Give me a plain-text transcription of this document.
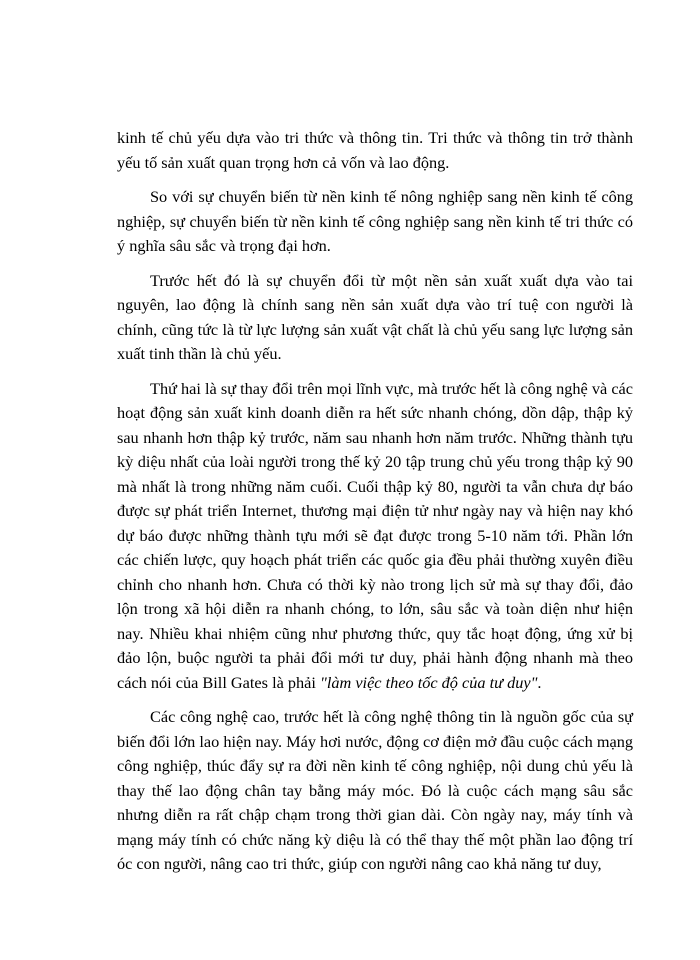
kinh tế chủ yếu dựa vào tri thức và thông tin. Tri thức và thông tin trở thành yếu tố sản xuất quan trọng hơn cả vốn và lao động.

So với sự chuyển biến từ nền kinh tế nông nghiệp sang nền kinh tế công nghiệp, sự chuyển biến từ nền kinh tế công nghiệp sang nền kinh tế tri thức có ý nghĩa sâu sắc và trọng đại hơn.

Trước hết đó là sự chuyển đổi từ một nền sản xuất xuất dựa vào tai nguyên, lao động là chính sang nền sản xuất dựa vào trí tuệ con người là chính, cũng tức là từ lực lượng sản xuất vật chất là chủ yếu sang lực lượng sản xuất tinh thần là chủ yếu.

Thứ hai là sự thay đổi trên mọi lĩnh vực, mà trước hết là công nghệ và các hoạt động sản xuất kinh doanh diễn ra hết sức nhanh chóng, dồn dập, thập kỷ sau nhanh hơn thập kỷ trước, năm sau nhanh hơn năm trước. Những thành tựu kỳ diệu nhất của loài người trong thế kỷ 20 tập trung chủ yếu trong thập kỷ 90 mà nhất là trong những năm cuối. Cuối thập kỷ 80, người ta vẫn chưa dự báo được sự phát triển Internet, thương mại điện tử như ngày nay và hiện nay khó dự báo được những thành tựu mới sẽ đạt được trong 5-10 năm tới. Phần lớn các chiến lược, quy hoạch phát triển các quốc gia đều phải thường xuyên điều chỉnh cho nhanh hơn. Chưa có thời kỳ nào trong lịch sử mà sự thay đổi, đảo lộn trong xã hội diễn ra nhanh chóng, to lớn, sâu sắc và toàn diện như hiện nay. Nhiều khai nhiệm cũng như phương thức, quy tắc hoạt động, ứng xử bị đảo lộn, buộc người ta phải đổi mới tư duy, phải hành động nhanh mà theo cách nói của Bill Gates là phải "làm việc theo tốc độ của tư duy".

Các công nghệ cao, trước hết là công nghệ thông tin là nguồn gốc của sự biến đổi lớn lao hiện nay. Máy hơi nước, động cơ điện mở đầu cuộc cách mạng công nghiệp, thúc đẩy sự ra đời nền kinh tế công nghiệp, nội dung chủ yếu là thay thế lao động chân tay bằng máy móc. Đó là cuộc cách mạng sâu sắc nhưng diễn ra rất chập chạm trong thời gian dài. Còn ngày nay, máy tính và mạng máy tính có chức năng kỳ diệu là có thể thay thế một phần lao động trí óc con người, nâng cao tri thức, giúp con người nâng cao khả năng tư duy,
